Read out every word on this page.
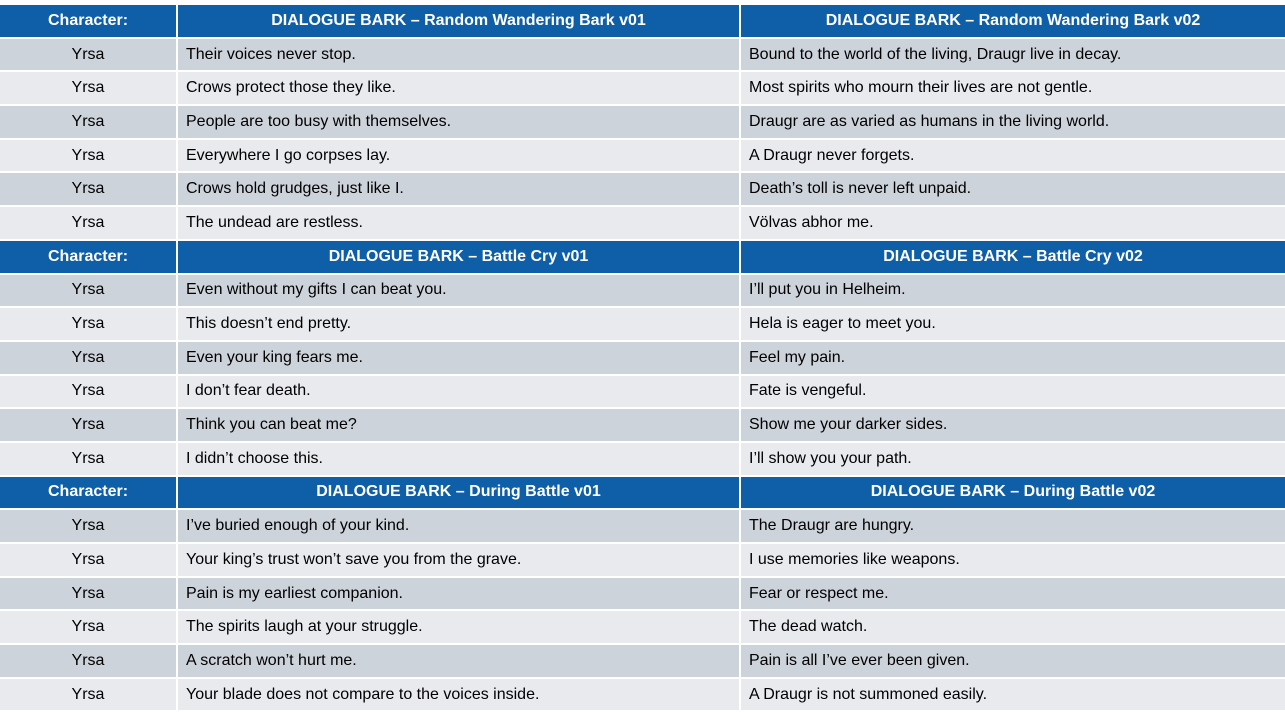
Character:	DIALOGUE BARK – Random Wandering Bark v01	DIALOGUE BARK – Random Wandering Bark v02
Yrsa	Their voices never stop.	Bound to the world of the living, Draugr live in decay.
Yrsa	Crows protect those they like.	Most spirits who mourn their lives are not gentle.
Yrsa	People are too busy with themselves.	Draugr are as varied as humans in the living world.
Yrsa	Everywhere I go corpses lay.	A Draugr never forgets.
Yrsa	Crows hold grudges, just like I.	Death’s toll is never left unpaid.
Yrsa	The undead are restless.	Völvas abhor me.
Character:	DIALOGUE BARK – Battle Cry v01	DIALOGUE BARK – Battle Cry v02
Yrsa	Even without my gifts I can beat you.	I’ll put you in Helheim.
Yrsa	This doesn’t end pretty.	Hela is eager to meet you.
Yrsa	Even your king fears me.	Feel my pain.
Yrsa	I don’t fear death.	Fate is vengeful.
Yrsa	Think you can beat me?	Show me your darker sides.
Yrsa	I didn’t choose this.	I’ll show you your path.
Character:	DIALOGUE BARK – During Battle v01	DIALOGUE BARK – During Battle v02
Yrsa	I’ve buried enough of your kind.	The Draugr are hungry.
Yrsa	Your king’s trust won’t save you from the grave.	I use memories like weapons.
Yrsa	Pain is my earliest companion.	Fear or respect me.
Yrsa	The spirits laugh at your struggle.	The dead watch.
Yrsa	A scratch won’t hurt me.	Pain is all I’ve ever been given.
Yrsa	Your blade does not compare to the voices inside.	A Draugr is not summoned easily.
